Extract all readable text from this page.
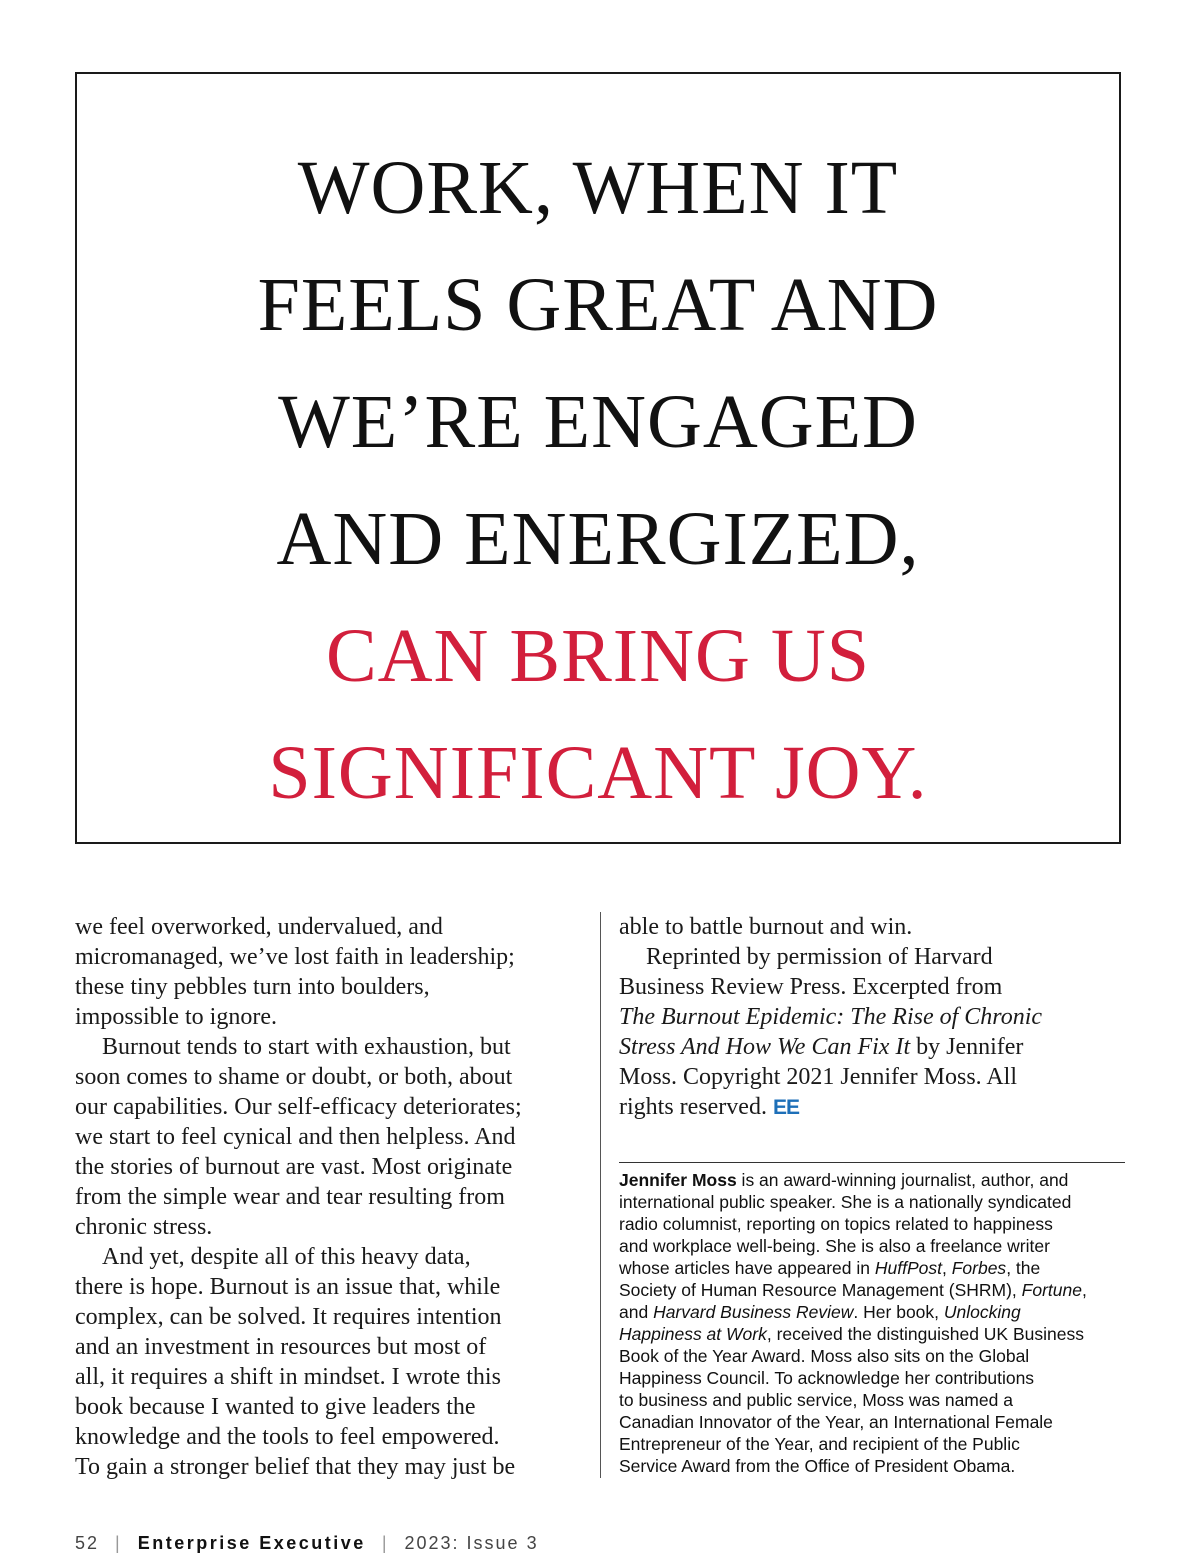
WORK, WHEN IT
FEELS GREAT AND
WE’RE ENGAGED
AND ENERGIZED,
CAN BRING US
SIGNIFICANT JOY.

we feel overworked, undervalued, and
micromanaged, we’ve lost faith in leadership;
these tiny pebbles turn into boulders,
impossible to ignore.

Burnout tends to start with exhaustion, but
soon comes to shame or doubt, or both, about
our capabilities. Our self-efficacy deteriorates;
we start to feel cynical and then helpless. And
the stories of burnout are vast. Most originate
from the simple wear and tear resulting from
chronic stress.

And yet, despite all of this heavy data,
there is hope. Burnout is an issue that, while
complex, can be solved. It requires intention
and an investment in resources but most of
all, it requires a shift in mindset. I wrote this
book because I wanted to give leaders the
knowledge and the tools to feel empowered.
To gain a stronger belief that they may just be

able to battle burnout and win.

Reprinted by permission of Harvard
Business Review Press. Excerpted from
The Burnout Epidemic: The Rise of Chronic
Stress And How We Can Fix It by Jennifer
Moss. Copyright 2021 Jennifer Moss. All
rights reserved. EE

Jennifer Moss is an award-winning journalist, author, and
international public speaker. She is a nationally syndicated
radio columnist, reporting on topics related to happiness
and workplace well-being. She is also a freelance writer
whose articles have appeared in HuffPost, Forbes, the
Society of Human Resource Management (SHRM), Fortune,
and Harvard Business Review. Her book, Unlocking
Happiness at Work, received the distinguished UK Business
Book of the Year Award. Moss also sits on the Global
Happiness Council. To acknowledge her contributions
to business and public service, Moss was named a
Canadian Innovator of the Year, an International Female
Entrepreneur of the Year, and recipient of the Public
Service Award from the Office of President Obama.
52 | Enterprise Executive | 2023: Issue 3
